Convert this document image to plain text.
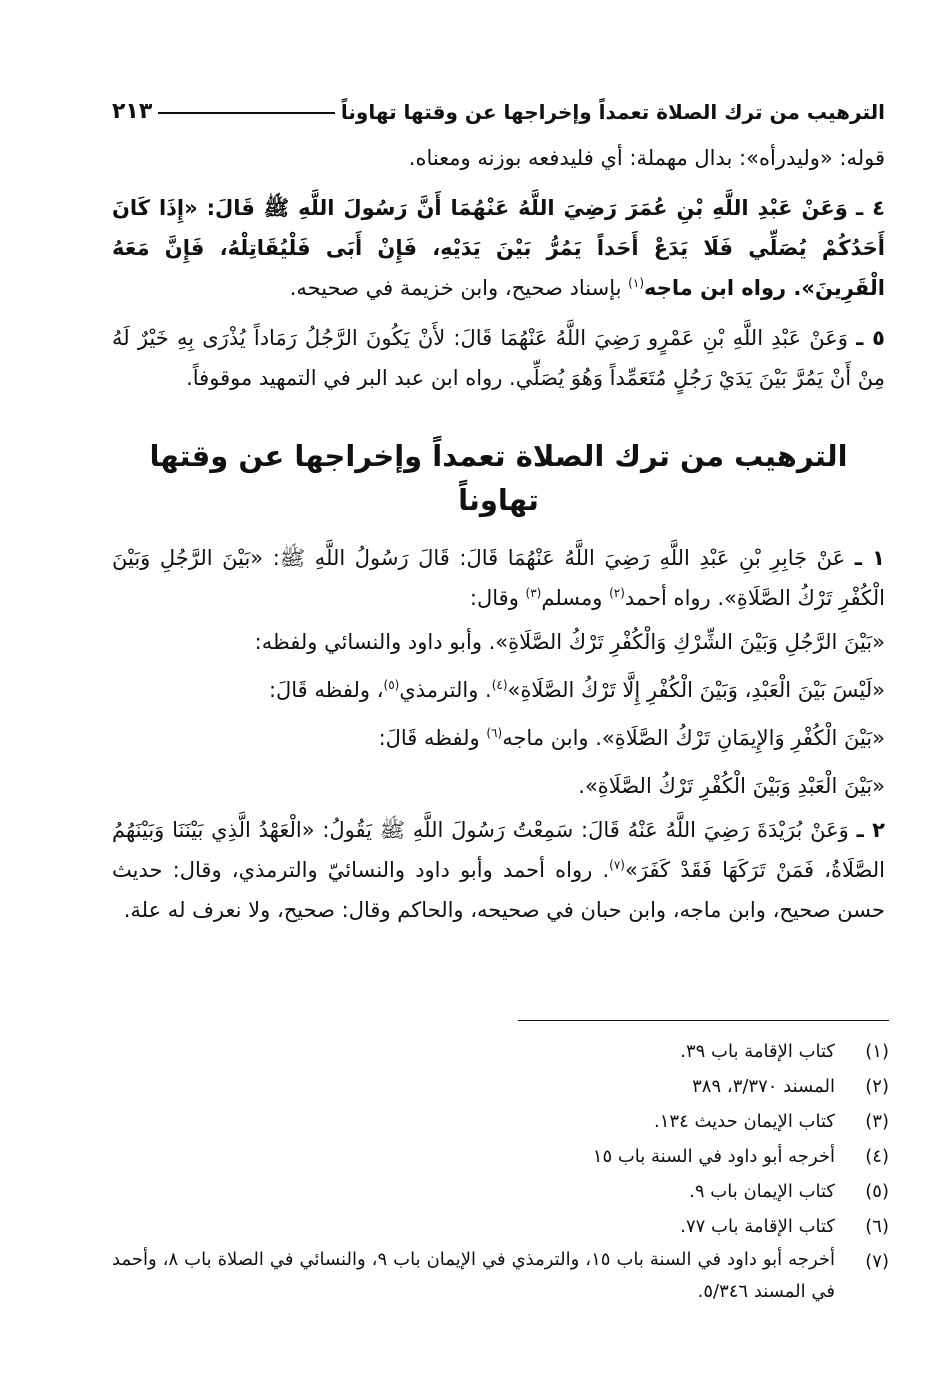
الترهيب من ترك الصلاة تعمداً وإخراجها عن وقتها تهاوناً
٢١٣

قوله: «وليدرأه»: بدال مهملة: أي فليدفعه بوزنه ومعناه.

٤ ـ وَعَنْ عَبْدِ اللَّهِ بْنِ عُمَرَ رَضِيَ اللَّهُ عَنْهُمَا أَنَّ رَسُولَ اللَّهِ ﷺ قَالَ: «إِذَا كَانَ أَحَدُكُمْ يُصَلِّي فَلَا يَدَعْ أَحَداً يَمُرُّ بَيْنَ يَدَيْهِ، فَإِنْ أَبَى فَلْيُقَاتِلْهُ، فَإِنَّ مَعَهُ الْقَرِينَ». رواه ابن ماجه$^{(١)}$ بإسناد صحيح، وابن خزيمة في صحيحه.

٥ ـ وَعَنْ عَبْدِ اللَّهِ بْنِ عَمْرٍو رَضِيَ اللَّهُ عَنْهُمَا قَالَ: لأَنْ يَكُونَ الرَّجُلُ رَمَاداً يُذْرَى بِهِ خَيْرٌ لَهُ مِنْ أَنْ يَمُرَّ بَيْنَ يَدَيْ رَجُلٍ مُتَعَمِّداً وَهُوَ يُصَلِّي. رواه ابن عبد البر في التمهيد موقوفاً.

الترهيب من ترك الصلاة تعمداً وإخراجها عن وقتها تهاوناً

١ ـ عَنْ جَابِرِ بْنِ عَبْدِ اللَّهِ رَضِيَ اللَّهُ عَنْهُمَا قَالَ: قَالَ رَسُولُ اللَّهِ ﷺ: «بَيْنَ الرَّجُلِ وَبَيْنَ الْكُفْرِ تَرْكُ الصَّلَاةِ». رواه أحمد$^{(٢)}$ ومسلم$^{(٣)}$ وقال:

«بَيْنَ الرَّجُلِ وَبَيْنَ الشِّرْكِ وَالْكُفْرِ تَرْكُ الصَّلَاةِ». وأبو داود والنسائي ولفظه:

«لَيْسَ بَيْنَ الْعَبْدِ، وَبَيْنَ الْكُفْرِ إِلَّا تَرْكُ الصَّلَاةِ»$^{(٤)}$. والترمذي$^{(٥)}$، ولفظه قَالَ:

«بَيْنَ الْكُفْرِ وَالإِيمَانِ تَرْكُ الصَّلَاةِ». وابن ماجه$^{(٦)}$ ولفظه قَالَ:

«بَيْنَ الْعَبْدِ وَبَيْنَ الْكُفْرِ تَرْكُ الصَّلَاةِ».

٢ ـ وَعَنْ بُرَيْدَةَ رَضِيَ اللَّهُ عَنْهُ قَالَ: سَمِعْتُ رَسُولَ اللَّهِ ﷺ يَقُولُ: «الْعَهْدُ الَّذِي بَيْنَنَا وَبَيْنَهُمُ الصَّلَاةُ، فَمَنْ تَرَكَهَا فَقَدْ كَفَرَ»$^{(٧)}$. رواه أحمد وأبو داود والنسائيّ والترمذي، وقال: حديث حسن صحيح، وابن ماجه، وابن حبان في صحيحه، والحاكم وقال: صحيح، ولا نعرف له علة.

(١)
كتاب الإقامة باب ٣٩.
(٢)
المسند ٣/٣٧٠، ٣٨٩
(٣)
كتاب الإيمان حديث ١٣٤.
(٤)
أخرجه أبو داود في السنة باب ١٥
(٥)
كتاب الإيمان باب ٩.
(٦)
كتاب الإقامة باب ٧٧.
(٧)
أخرجه أبو داود في السنة باب ١٥، والترمذي في الإيمان باب ٩، والنسائي في الصلاة باب ٨، وأحمد في المسند ٥/٣٤٦.
